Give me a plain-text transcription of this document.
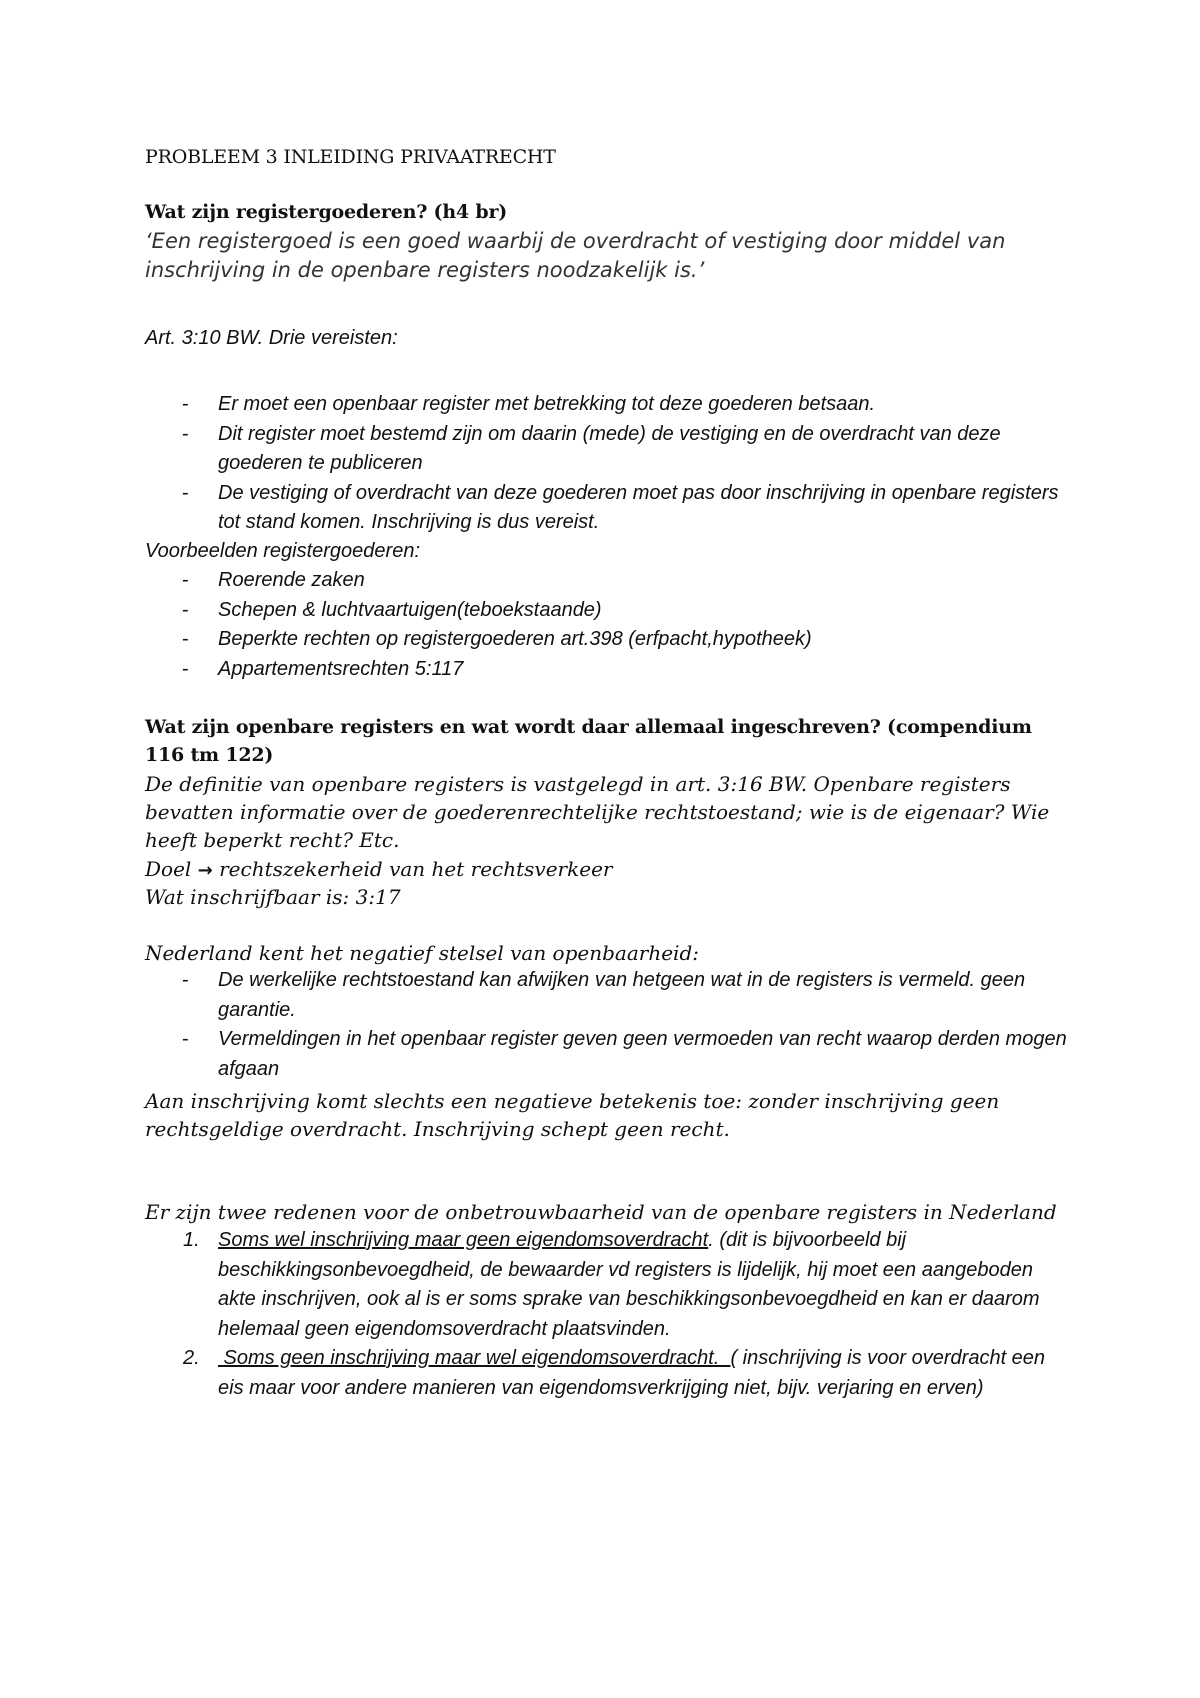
PROBLEEM 3 INLEIDING PRIVAATRECHT
Wat zijn registergoederen? (h4 br)
‘Een registergoed is een goed waarbij de overdracht of vestiging door middel van inschrijving in de openbare registers noodzakelijk is.’
Art. 3:10 BW. Drie vereisten:
- Er moet een openbaar register met betrekking tot deze goederen betsaan.
- Dit register moet bestemd zijn om daarin (mede) de vestiging en de overdracht van deze goederen te publiceren
- De vestiging of overdracht van deze goederen moet pas door inschrijving in openbare registers tot stand komen. Inschrijving is dus vereist.
Voorbeelden registergoederen:
- Roerende zaken
- Schepen & luchtvaartuigen(teboekstaande)
- Beperkte rechten op registergoederen art.398 (erfpacht,hypotheek)
- Appartementsrechten 5:117
Wat zijn openbare registers en wat wordt daar allemaal ingeschreven? (compendium 116 tm 122)
De definitie van openbare registers is vastgelegd in art. 3:16 BW. Openbare registers bevatten informatie over de goederenrechtelijke rechtstoestand; wie is de eigenaar? Wie heeft beperkt recht? Etc.
Doel → rechtszekerheid van het rechtsverkeer
Wat inschrijfbaar is: 3:17
Nederland kent het negatief stelsel van openbaarheid:
- De werkelijke rechtstoestand kan afwijken van hetgeen wat in de registers is vermeld. geen garantie.
- Vermeldingen in het openbaar register geven geen vermoeden van recht waarop derden mogen afgaan
Aan inschrijving komt slechts een negatieve betekenis toe: zonder inschrijving geen rechtsgeldige overdracht. Inschrijving schept geen recht.
Er zijn twee redenen voor de onbetrouwbaarheid van de openbare registers in Nederland
1. Soms wel inschrijving maar geen eigendomsoverdracht. (dit is bijvoorbeeld bij beschikkingsonbevoegdheid, de bewaarder vd registers is lijdelijk, hij moet een aangeboden akte inschrijven, ook al is er soms sprake van beschikkingsonbevoegdheid en kan er daarom helemaal geen eigendomsoverdracht plaatsvinden.
2. Soms geen inschrijving maar wel eigendomsoverdracht.  ( inschrijving is voor overdracht een eis maar voor andere manieren van eigendomsverkrijging niet, bijv. verjaring en erven)
